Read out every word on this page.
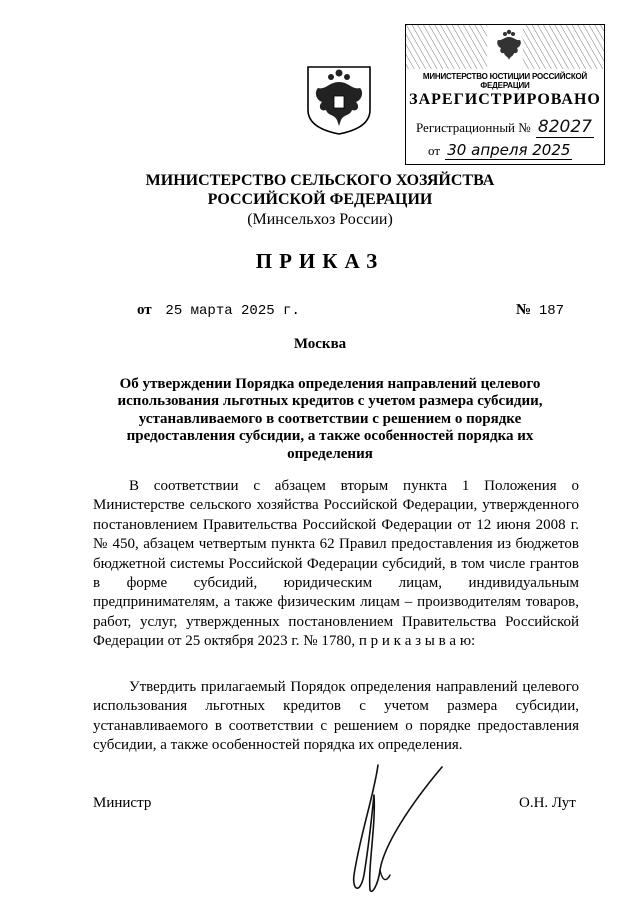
МИНИСТЕРСТВО ЮСТИЦИИ РОССИЙСКОЙ ФЕДЕРАЦИИ
ЗАРЕГИСТРИРОВАНО
Регистрационный № 82027
от 30 апреля 2025
МИНИСТЕРСТВО СЕЛЬСКОГО ХОЗЯЙСТВА
РОССИЙСКОЙ ФЕДЕРАЦИИ
(Минсельхоз России)
ПРИКАЗ
от 25 марта 2025 г.	№ 187
Москва
Об утверждении Порядка определения направлений целевого использования льготных кредитов с учетом размера субсидии, устанавливаемого в соответствии с решением о порядке предоставления субсидии, а также особенностей порядка их определения
В соответствии с абзацем вторым пункта 1 Положения о Министерстве сельского хозяйства Российской Федерации, утвержденного постановлением Правительства Российской Федерации от 12 июня 2008 г. № 450, абзацем четвертым пункта 62 Правил предоставления из бюджетов бюджетной системы Российской Федерации субсидий, в том числе грантов в форме субсидий, юридическим лицам, индивидуальным предпринимателям, а также физическим лицам – производителям товаров, работ, услуг, утвержденных постановлением Правительства Российской Федерации от 25 октября 2023 г. № 1780, п р и к а з ы в а ю:
Утвердить прилагаемый Порядок определения направлений целевого использования льготных кредитов с учетом размера субсидии, устанавливаемого в соответствии с решением о порядке предоставления субсидии, а также особенностей порядка их определения.
Министр	О.Н. Лут
